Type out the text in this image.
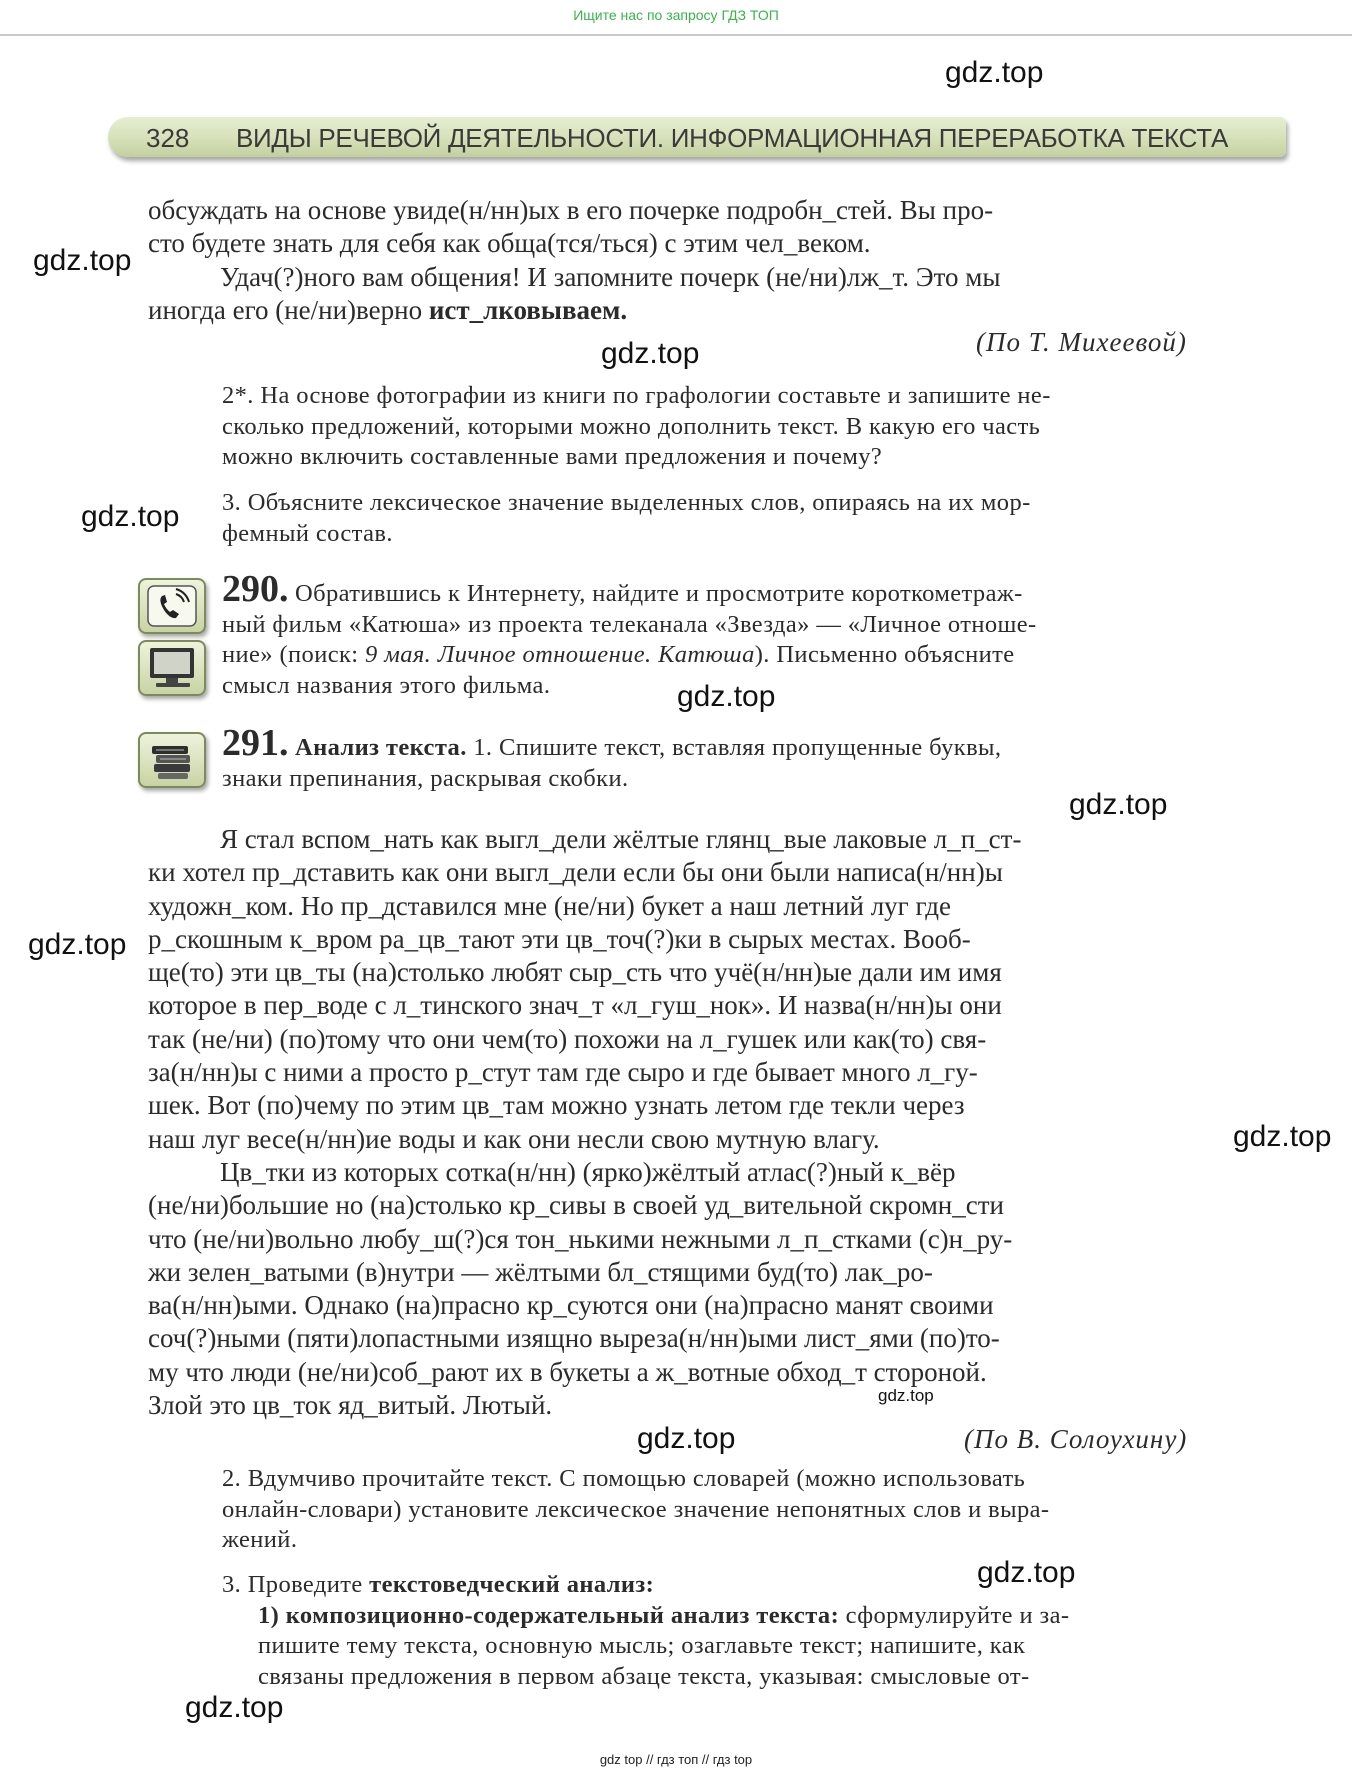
Ищите нас по запросу ГДЗ ТОП
gdz.top
gdz.top
gdz.top
gdz.top
gdz.top
gdz.top
gdz.top
gdz.top
gdz.top
gdz.top
gdz.top
gdz.top
328 ВИДЫ РЕЧЕВОЙ ДЕЯТЕЛЬНОСТИ. ИНФОРМАЦИОННАЯ ПЕРЕРАБОТКА ТЕКСТА
обсуждать на основе увиде(н/нн)ых в его почерке подробн_стей. Вы про-
сто будете знать для себя как обща(тся/ться) с этим чел_веком.
Удач(?)ного вам общения! И запомните почерк (не/ни)лж_т. Это мы
иногда его (не/ни)верно ист_лковываем.
(По Т. Михеевой)
2*. На основе фотографии из книги по графологии составьте и запишите не-
сколько предложений, которыми можно дополнить текст. В какую его часть
можно включить составленные вами предложения и почему?
3. Объясните лексическое значение выделенных слов, опираясь на их мор-
фемный состав.
290. Обратившись к Интернету, найдите и просмотрите короткометраж-
ный фильм «Катюша» из проекта телеканала «Звезда» — «Личное отноше-
ние» (поиск: 9 мая. Личное отношение. Катюша). Письменно объясните
смысл названия этого фильма.
291. Анализ текста. 1. Спишите текст, вставляя пропущенные буквы,
знаки препинания, раскрывая скобки.
Я стал вспом_нать как выгл_дели жёлтые глянц_вые лаковые л_п_ст-
ки хотел пр_дставить как они выгл_дели если бы они были написа(н/нн)ы
художн_ком. Но пр_дставился мне (не/ни) букет а наш летний луг где
р_скошным к_вром ра_цв_тают эти цв_точ(?)ки в сырых местах. Вооб-
ще(то) эти цв_ты (на)столько любят сыр_сть что учё(н/нн)ые дали им имя
которое в пер_воде с л_тинского знач_т «л_гуш_нок». И назва(н/нн)ы они
так (не/ни) (по)тому что они чем(то) похожи на л_гушек или как(то) свя-
за(н/нн)ы с ними а просто р_стут там где сыро и где бывает много л_гу-
шек. Вот (по)чему по этим цв_там можно узнать летом где текли через
наш луг весе(н/нн)ие воды и как они несли свою мутную влагу.
Цв_тки из которых сотка(н/нн) (ярко)жёлтый атлас(?)ный к_вёр
(не/ни)большие но (на)столько кр_сивы в своей уд_вительной скромн_сти
что (не/ни)вольно любу_ш(?)ся тон_нькими нежными л_п_стками (с)н_ру-
жи зелен_ватыми (в)нутри — жёлтыми бл_стящими буд(то) лак_ро-
ва(н/нн)ыми. Однако (на)прасно кр_суются они (на)прасно манят своими
соч(?)ными (пяти)лопастными изящно выреза(н/нн)ыми лист_ями (по)то-
му что люди (не/ни)соб_рают их в букеты а ж_вотные обход_т стороной.
Злой это цв_ток яд_витый. Лютый.
(По В. Солоухину)
2. Вдумчиво прочитайте текст. С помощью словарей (можно использовать
онлайн-словари) установите лексическое значение непонятных слов и выра-
жений.
3. Проведите текстоведческий анализ:
1) композиционно-содержательный анализ текста: сформулируйте и за-
пишите тему текста, основную мысль; озаглавьте текст; напишите, как
связаны предложения в первом абзаце текста, указывая: смысловые от-
gdz top // гдз топ // гдз top
